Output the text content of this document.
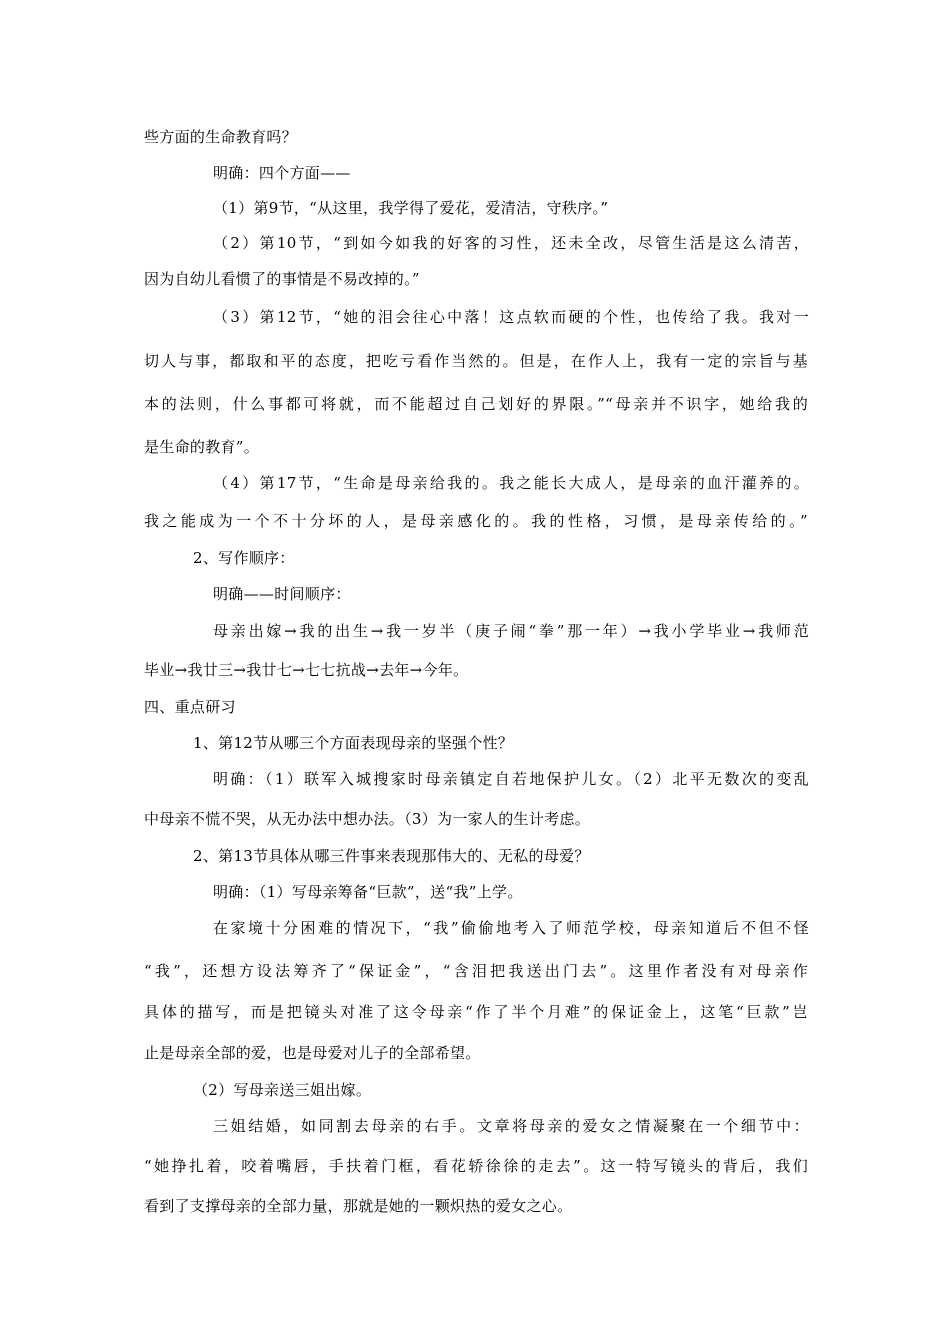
些方面的生命教育吗？
明确：四个方面——
（1）第9节，“从这里，我学得了爱花，爱清洁，守秩序。”
（2）第10节，“到如今如我的好客的习性，还未全改，尽管生活是这么清苦，
因为自幼儿看惯了的事情是不易改掉的。”
（3）第12节，“她的泪会往心中落！这点软而硬的个性，也传给了我。我对一
切人与事，都取和平的态度，把吃亏看作当然的。但是，在作人上，我有一定的宗旨与基
本的法则，什么事都可将就，而不能超过自己划好的界限。”“母亲并不识字，她给我的
是生命的教育”。
（4）第17节，“生命是母亲给我的。我之能长大成人，是母亲的血汗灌养的。
我之能成为一个不十分坏的人，是母亲感化的。我的性格，习惯，是母亲传给的。”
2、写作顺序：
明确——时间顺序：
母亲出嫁→我的出生→我一岁半（庚子闹“拳”那一年）→我小学毕业→我师范
毕业→我廿三→我廿七→七七抗战→去年→今年。
四、重点研习
1、第12节从哪三个方面表现母亲的坚强个性？
明确：（1）联军入城搜家时母亲镇定自若地保护儿女。（2）北平无数次的变乱
中母亲不慌不哭，从无办法中想办法。（3）为一家人的生计考虑。
2、第13节具体从哪三件事来表现那伟大的、无私的母爱？
明确：（1）写母亲筹备“巨款”，送“我”上学。
在家境十分困难的情况下，“我”偷偷地考入了师范学校，母亲知道后不但不怪
“我”，还想方设法筹齐了“保证金”，“含泪把我送出门去”。这里作者没有对母亲作
具体的描写，而是把镜头对准了这令母亲“作了半个月难”的保证金上，这笔“巨款”岂
止是母亲全部的爱，也是母爱对儿子的全部希望。
（2）写母亲送三姐出嫁。
三姐结婚，如同割去母亲的右手。文章将母亲的爱女之情凝聚在一个细节中：
“她挣扎着，咬着嘴唇，手扶着门框，看花轿徐徐的走去”。这一特写镜头的背后，我们
看到了支撑母亲的全部力量，那就是她的一颗炽热的爱女之心。
